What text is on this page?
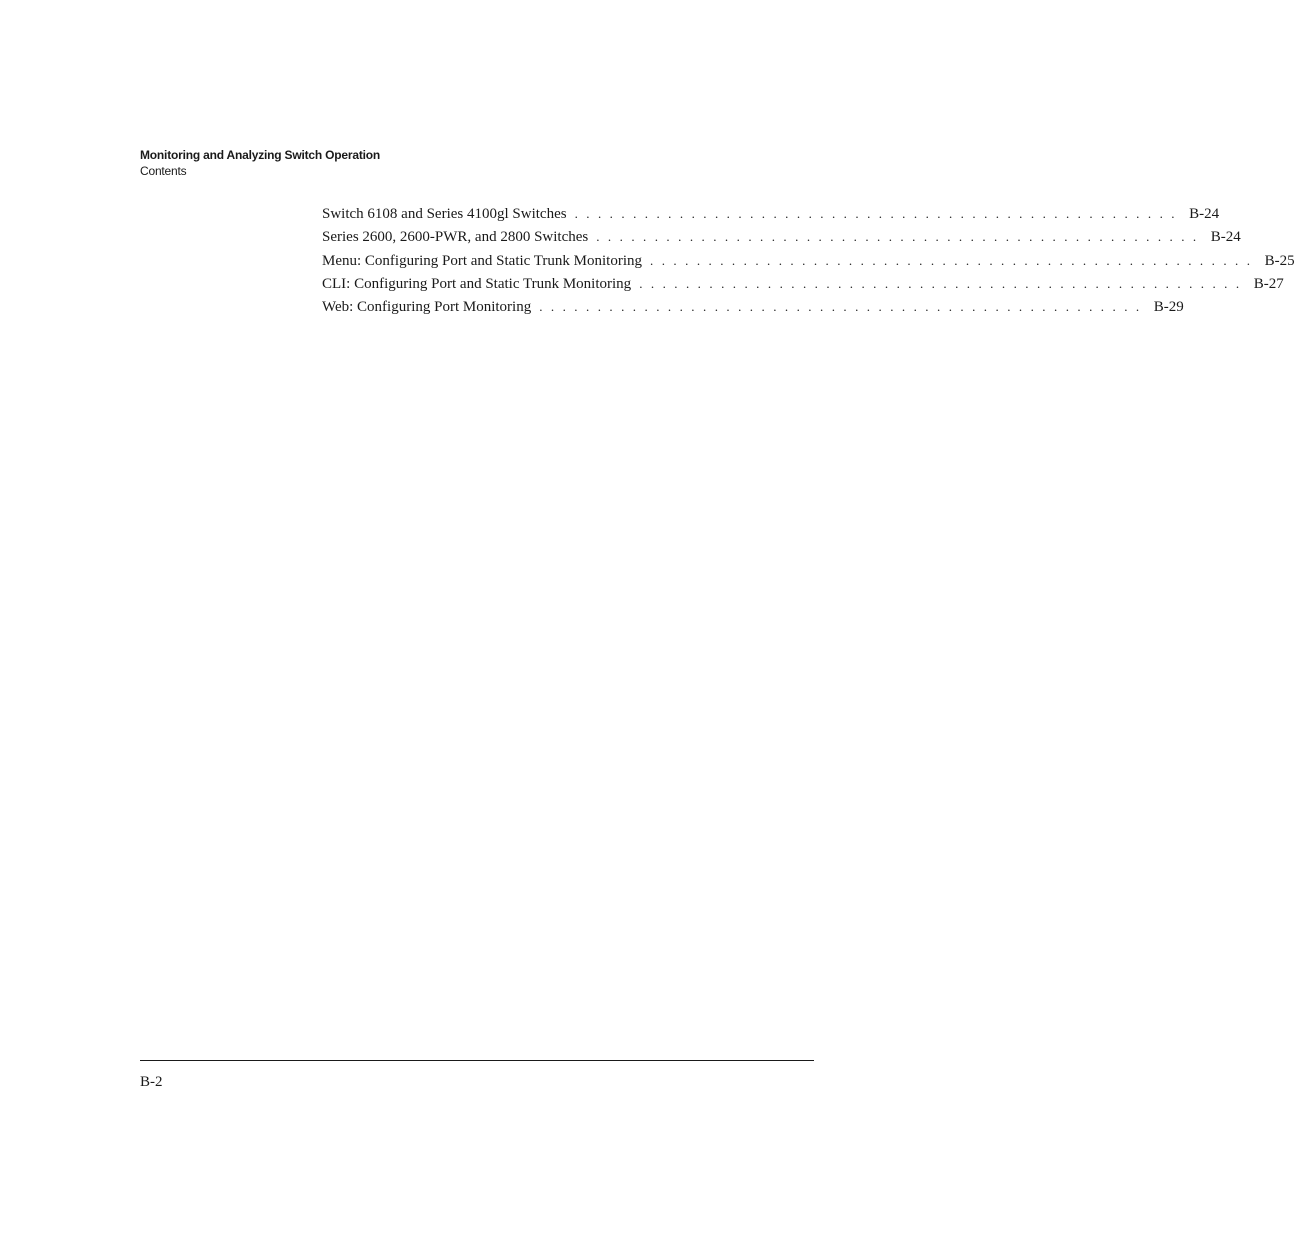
Monitoring and Analyzing Switch Operation
Contents
Switch 6108 and Series 4100gl Switches . . . . . . . . . . . . . . . . . . . . . . . . . . . . . . . . . . . . . . . . . . . . . . . . . . . . B-24
Series 2600, 2600-PWR, and 2800 Switches . . . . . . . . . . . . . . . . . . . . . . . . . . . . . . . . . . . . . . . . . . . . . . . . . . . . B-24
Menu: Configuring Port and Static Trunk Monitoring . . . . . . . . . . . . . . . . . . . . . . . . . . . . . . . . . . . . . . . . . . . . . . . . . . . . B-25
CLI: Configuring Port and Static Trunk Monitoring . . . . . . . . . . . . . . . . . . . . . . . . . . . . . . . . . . . . . . . . . . . . . . . . . . . . B-27
Web: Configuring Port Monitoring . . . . . . . . . . . . . . . . . . . . . . . . . . . . . . . . . . . . . . . . . . . . . . . . . . . . B-29
B-2
